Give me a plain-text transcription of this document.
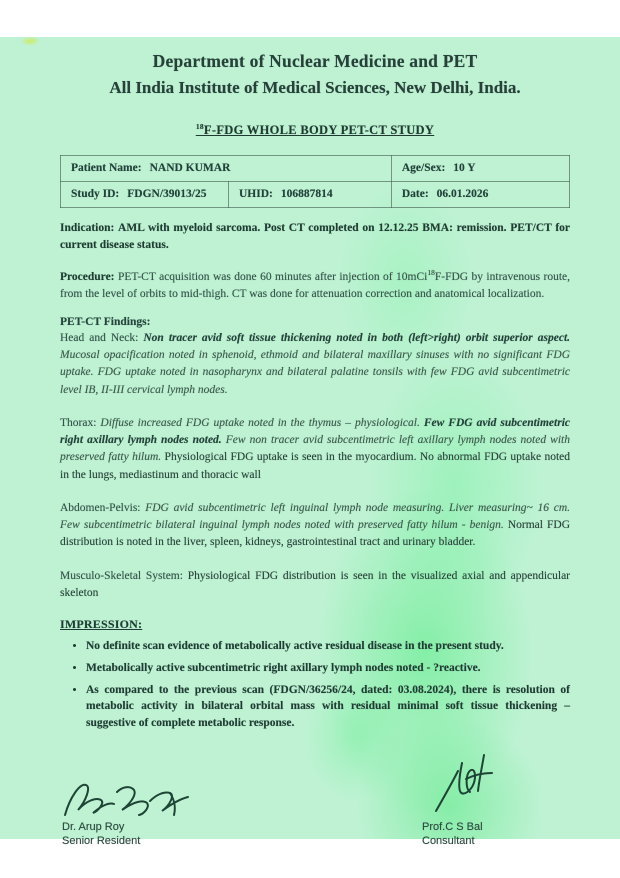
Department of Nuclear Medicine and PET
All India Institute of Medical Sciences, New Delhi, India.
$^{18}$F-FDG WHOLE BODY PET-CT STUDY
Patient Name: NAND KUMAR		Age/Sex: 10 Y
Study ID: FDGN/39013/25	UHID: 106887814	Date: 06.01.2026

Indication: AML with myeloid sarcoma. Post CT completed on 12.12.25 BMA: remission. PET/CT for current disease status.

Procedure: PET-CT acquisition was done 60 minutes after injection of 10mCi$^{18}$F-FDG by intravenous route, from the level of orbits to mid-thigh. CT was done for attenuation correction and anatomical localization.

PET-CT Findings:

Head and Neck: Non tracer avid soft tissue thickening noted in both (left>right) orbit superior aspect. Mucosal opacification noted in sphenoid, ethmoid and bilateral maxillary sinuses with no significant FDG uptake. FDG uptake noted in nasopharynx and bilateral palatine tonsils with few FDG avid subcentimetric level IB, II-III cervical lymph nodes.

Thorax: Diffuse increased FDG uptake noted in the thymus – physiological. Few FDG avid subcentimetric right axillary lymph nodes noted. Few non tracer avid subcentimetric left axillary lymph nodes noted with preserved fatty hilum. Physiological FDG uptake is seen in the myocardium. No abnormal FDG uptake noted in the lungs, mediastinum and thoracic wall

Abdomen-Pelvis: FDG avid subcentimetric left inguinal lymph node measuring. Liver measuring~ 16 cm. Few subcentimetric bilateral inguinal lymph nodes noted with preserved fatty hilum - benign. Normal FDG distribution is noted in the liver, spleen, kidneys, gastrointestinal tract and urinary bladder.

Musculo-Skeletal System: Physiological FDG distribution is seen in the visualized axial and appendicular skeleton

IMPRESSION:
• No definite scan evidence of metabolically active residual disease in the present study.
• Metabolically active subcentimetric right axillary lymph nodes noted - ?reactive.
• As compared to the previous scan (FDGN/36256/24, dated: 03.08.2024), there is resolution of metabolic activity in bilateral orbital mass with residual minimal soft tissue thickening – suggestive of complete metabolic response.
Dr. Arup Roy
Senior Resident
Prof.C S Bal
Consultant
